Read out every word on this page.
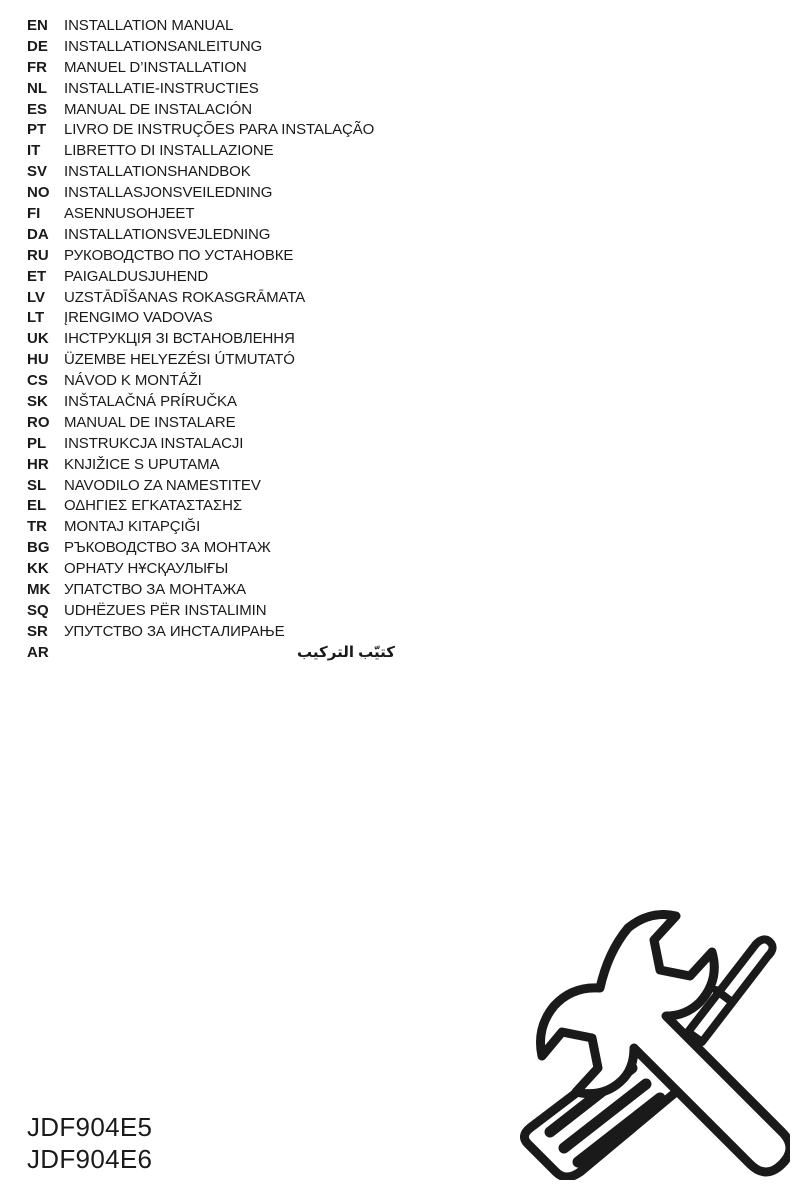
EN INSTALLATION MANUAL
DE INSTALLATIONSANLEITUNG
FR MANUEL D’INSTALLATION
NL INSTALLATIE-INSTRUCTIES
ES MANUAL DE INSTALACIÓN
PT LIVRO DE INSTRUÇÕES PARA INSTALAÇÃO
IT LIBRETTO DI INSTALLAZIONE
SV INSTALLATIONSHANDBOK
NO INSTALLASJONSVEILEDNING
FI ASENNUSOHJEET
DA INSTALLATIONSVEJLEDNING
RU РУКОВОДСТВО ПО УСТАНОВКЕ
ET PAIGALDUSJUHEND
LV UZSTĀDĪŠANAS ROKASGRĀMATA
LT ĮRENGIMO VADOVAS
UK ІНСТРУКЦІЯ ЗІ ВСТАНОВЛЕННЯ
HU ÜZEMBE HELYEZÉSI ÚTMUTATÓ
CS NÁVOD K MONTÁŽI
SK INŠTALAČNÁ PRÍRUČKA
RO MANUAL DE INSTALARE
PL INSTRUKCJA INSTALACJI
HR KNJIŽICE S UPUTAMA
SL NAVODILO ZA NAMESTITEV
EL ΟΔΗΓΙΕΣ ΕΓΚΑΤΑΣΤΑΣΗΣ
TR MONTAJ KITAPÇIĞI
BG РЪКОВОДСТВО ЗА МОНТАЖ
KK ОРНАТУ НҰСҚАУЛЫҒЫ
MK УПАТСТВО ЗА МОНТАЖА
SQ UDHËZUES PËR INSTALIMIN
SR УПУТСТВО ЗА ИНСТАЛИРАЊЕ
AR	كتيّب التركيب
JDF904E5
JDF904E6
